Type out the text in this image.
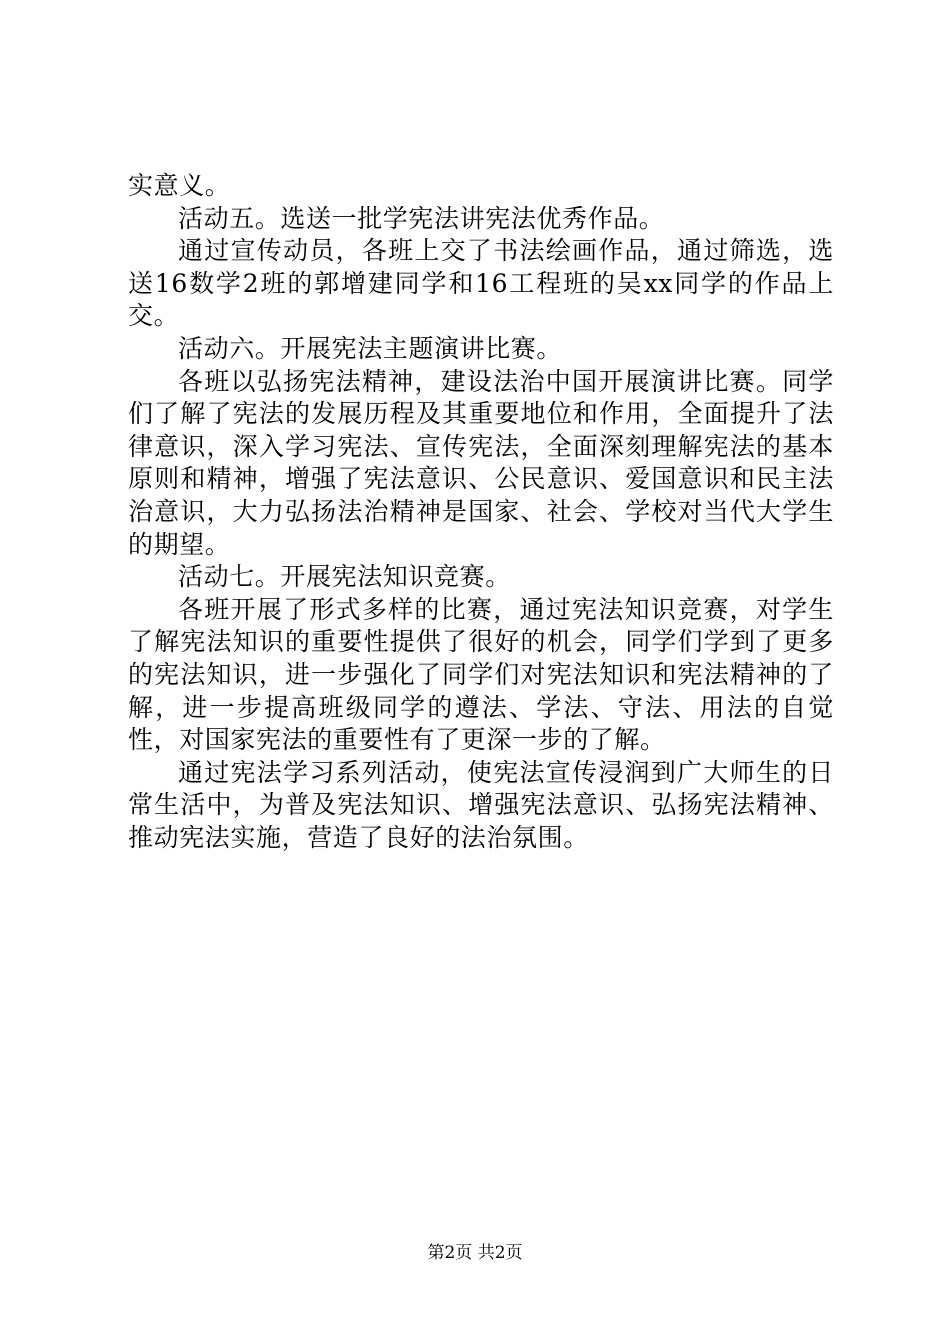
实意义。

活动五。选送一批学宪法讲宪法优秀作品。

通过宣传动员，各班上交了书法绘画作品，通过筛选，选送16数学2班的郭增建同学和16工程班的吴xx同学的作品上交。

活动六。开展宪法主题演讲比赛。

各班以弘扬宪法精神，建设法治中国开展演讲比赛。同学们了解了宪法的发展历程及其重要地位和作用，全面提升了法律意识，深入学习宪法、宣传宪法，全面深刻理解宪法的基本原则和精神，增强了宪法意识、公民意识、爱国意识和民主法治意识，大力弘扬法治精神是国家、社会、学校对当代大学生的期望。

活动七。开展宪法知识竞赛。

各班开展了形式多样的比赛，通过宪法知识竞赛，对学生了解宪法知识的重要性提供了很好的机会，同学们学到了更多的宪法知识，进一步强化了同学们对宪法知识和宪法精神的了解，进一步提高班级同学的遵法、学法、守法、用法的自觉性，对国家宪法的重要性有了更深一步的了解。

通过宪法学习系列活动，使宪法宣传浸润到广大师生的日常生活中，为普及宪法知识、增强宪法意识、弘扬宪法精神、推动宪法实施，营造了良好的法治氛围。

第2页 共2页
